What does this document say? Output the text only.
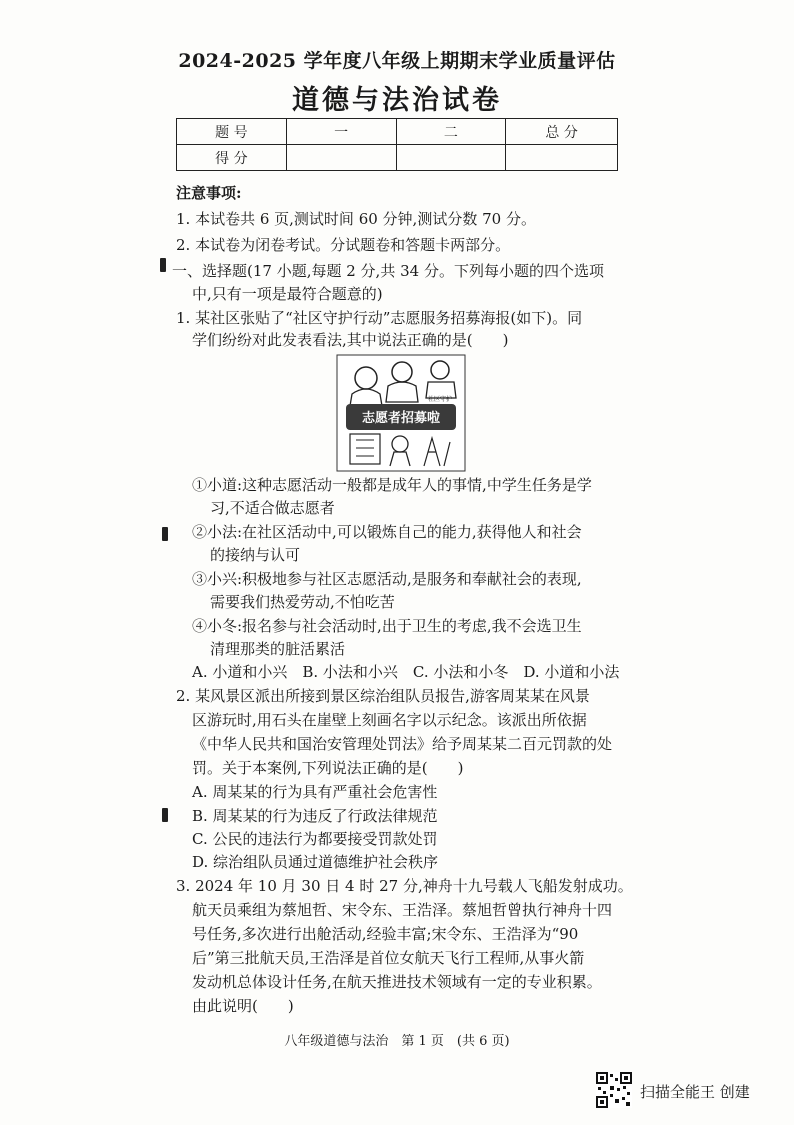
2024-2025 学年度八年级上期期末学业质量评估
道德与法治试卷
题 号	一	二	总 分
得 分			
注意事项:
1. 本试卷共 6 页,测试时间 60 分钟,测试分数 70 分。
2. 本试卷为闭卷考试。分试题卷和答题卡两部分。
一、选择题(17 小题,每题 2 分,共 34 分。下列每小题的四个选项
中,只有一项是最符合题意的)
1. 某社区张贴了“社区守护行动”志愿服务招募海报(如下)。同
学们纷纷对此发表看法,其中说法正确的是(　　)
志愿者招募啦
社区守护
①小道:这种志愿活动一般都是成年人的事情,中学生任务是学
习,不适合做志愿者
②小法:在社区活动中,可以锻炼自己的能力,获得他人和社会
的接纳与认可
③小兴:积极地参与社区志愿活动,是服务和奉献社会的表现,
需要我们热爱劳动,不怕吃苦
④小冬:报名参与社会活动时,出于卫生的考虑,我不会选卫生
清理那类的脏活累活
A. 小道和小兴　B. 小法和小兴　C. 小法和小冬　D. 小道和小法
2. 某风景区派出所接到景区综治组队员报告,游客周某某在风景
区游玩时,用石头在崖壁上刻画名字以示纪念。该派出所依据
《中华人民共和国治安管理处罚法》给予周某某二百元罚款的处
罚。关于本案例,下列说法正确的是(　　)
A. 周某某的行为具有严重社会危害性
B. 周某某的行为违反了行政法律规范
C. 公民的违法行为都要接受罚款处罚
D. 综治组队员通过道德维护社会秩序
3. 2024 年 10 月 30 日 4 时 27 分,神舟十九号载人飞船发射成功。
航天员乘组为蔡旭哲、宋令东、王浩泽。蔡旭哲曾执行神舟十四
号任务,多次进行出舱活动,经验丰富;宋令东、王浩泽为“90
后”第三批航天员,王浩泽是首位女航天飞行工程师,从事火箭
发动机总体设计任务,在航天推进技术领域有一定的专业积累。
由此说明(　　)
八年级道德与法治　第 1 页　(共 6 页)
扫描全能王 创建
